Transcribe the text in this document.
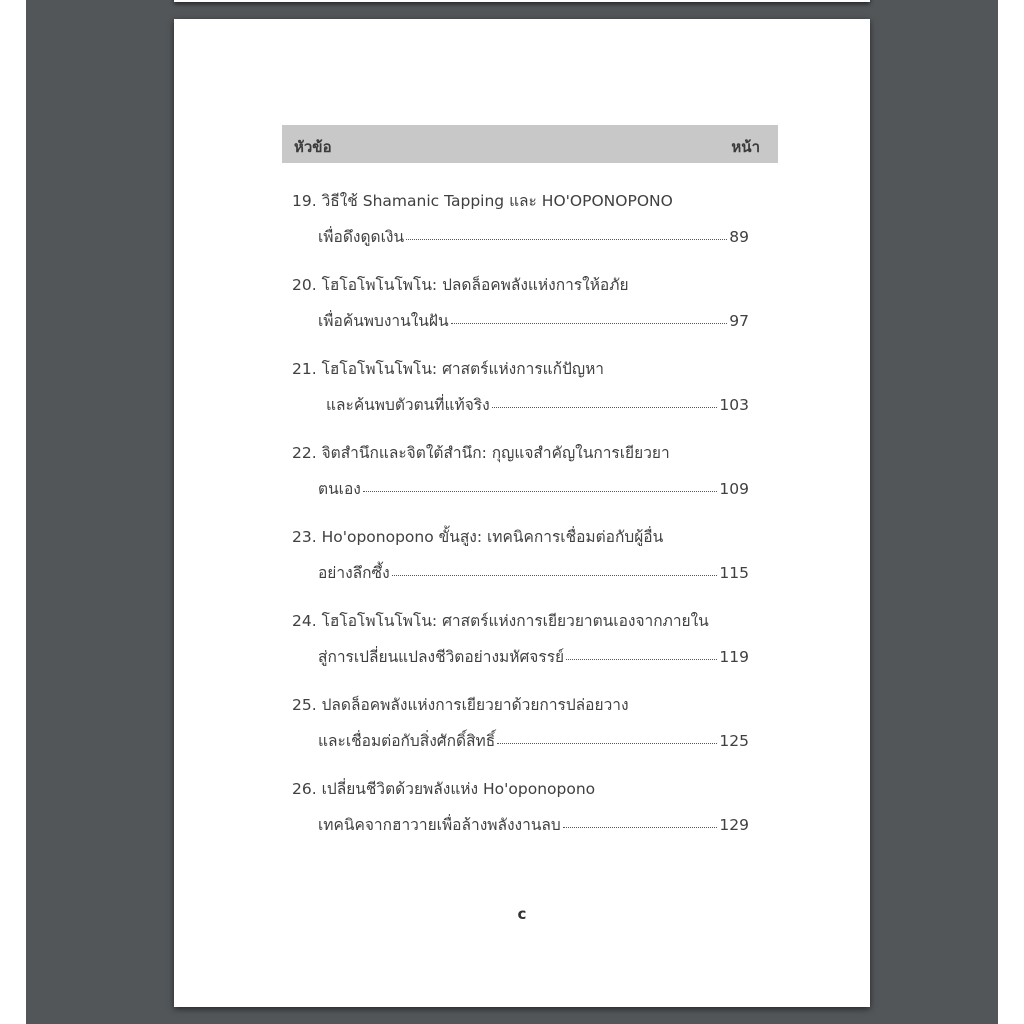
หัวข้อ	หน้า
19. วิธีใช้ Shamanic Tapping และ HO'OPONOPONO
เพื่อดึงดูดเงิน	89
20. โฮโอโพโนโพโน: ปลดล็อคพลังแห่งการให้อภัย
เพื่อค้นพบงานในฝัน	97
21. โฮโอโพโนโพโน: ศาสตร์แห่งการแก้ปัญหา
และค้นพบตัวตนที่แท้จริง	103
22. จิตสำนึกและจิตใต้สำนึก: กุญแจสำคัญในการเยียวยา
ตนเอง	109
23. Ho'oponopono ขั้นสูง: เทคนิคการเชื่อมต่อกับผู้อื่น
อย่างลึกซึ้ง	115
24. โฮโอโพโนโพโน: ศาสตร์แห่งการเยียวยาตนเองจากภายใน
สู่การเปลี่ยนแปลงชีวิตอย่างมหัศจรรย์	119
25. ปลดล็อคพลังแห่งการเยียวยาด้วยการปล่อยวาง
และเชื่อมต่อกับสิ่งศักดิ์สิทธิ์	125
26. เปลี่ยนชีวิตด้วยพลังแห่ง Ho'oponopono
เทคนิคจากฮาวายเพื่อล้างพลังงานลบ	129
c
